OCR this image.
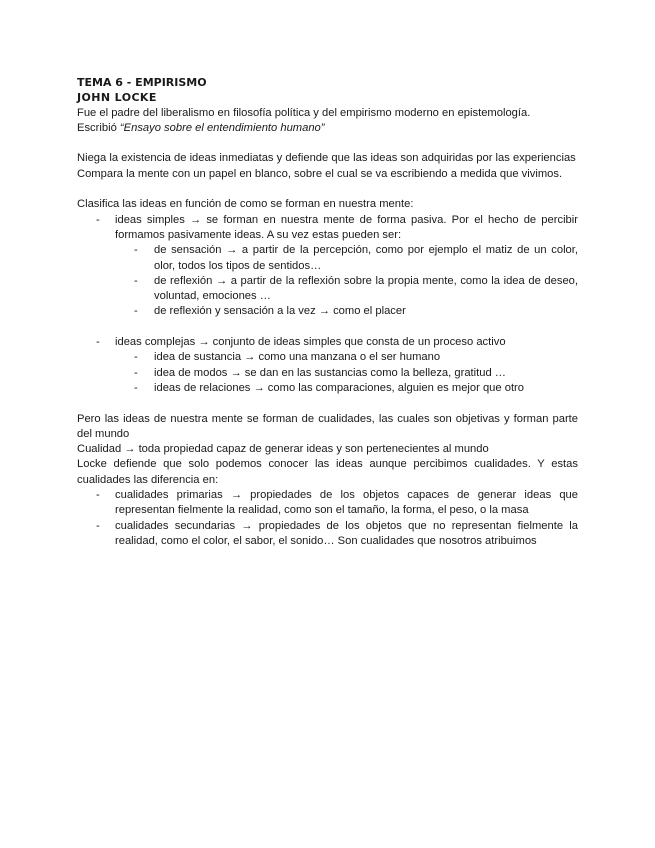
TEMA 6 - EMPIRISMO
JOHN LOCKE

Fue el padre del liberalismo en filosofía política y del empirismo moderno en epistemología.

Escribió “Ensayo sobre el entendimiento humano”

Niega la existencia de ideas inmediatas y defiende que las ideas son adquiridas por las experiencias

Compara la mente con un papel en blanco, sobre el cual se va escribiendo a medida que vivimos.

Clasifica las ideas en función de como se forman en nuestra mente:

- ideas simples → se forman en nuestra mente de forma pasiva. Por el hecho de percibir formamos pasivamente ideas. A su vez estas pueden ser:
- de sensación → a partir de la percepción, como por ejemplo el matiz de un color, olor, todos los tipos de sentidos…
- de reflexión → a partir de la reflexión sobre la propia mente, como la idea de deseo, voluntad, emociones …
- de reflexión y sensación a la vez → como el placer
- ideas complejas → conjunto de ideas simples que consta de un proceso activo
- idea de sustancia → como una manzana o el ser humano
- idea de modos → se dan en las sustancias como la belleza, gratitud …
- ideas de relaciones → como las comparaciones, alguien es mejor que otro

Pero las ideas de nuestra mente se forman de cualidades, las cuales son objetivas y forman parte del mundo

Cualidad → toda propiedad capaz de generar ideas y son pertenecientes al mundo

Locke defiende que solo podemos conocer las ideas aunque percibimos cualidades. Y estas cualidades las diferencia en:

- cualidades primarias → propiedades de los objetos capaces de generar ideas que representan fielmente la realidad, como son el tamaño, la forma, el peso, o la masa
- cualidades secundarias → propiedades de los objetos que no representan fielmente la realidad, como el color, el sabor, el sonido… Son cualidades que nosotros atribuimos
